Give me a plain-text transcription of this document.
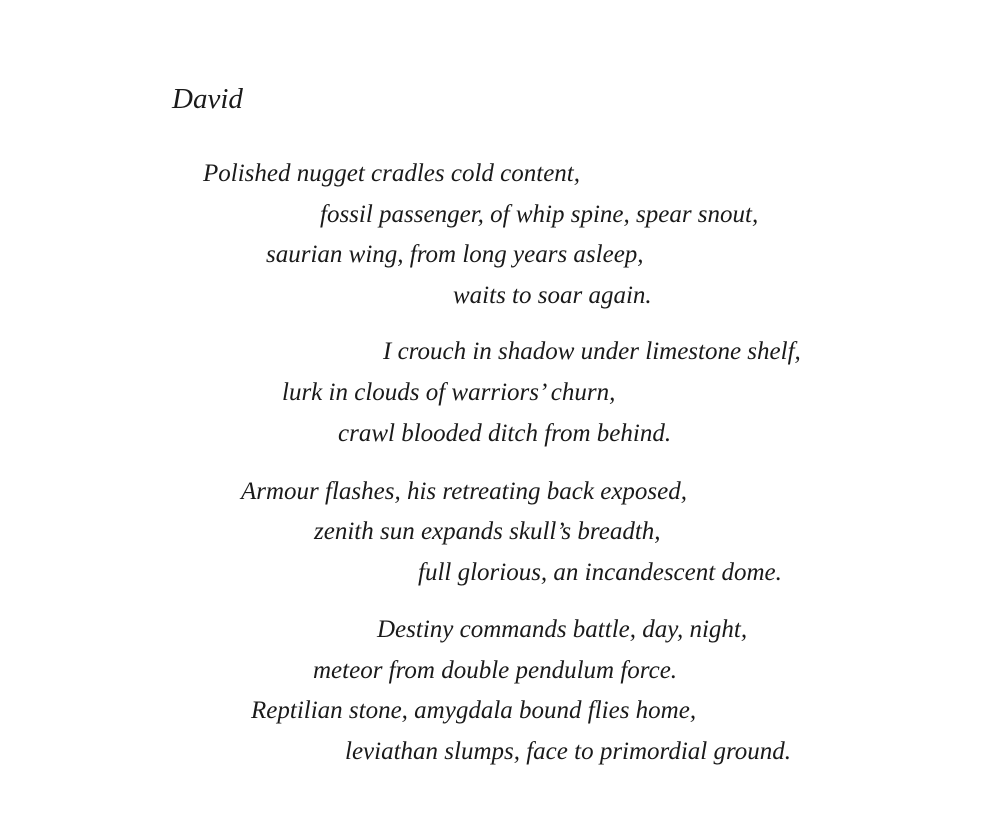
David
Polished nugget cradles cold content,
fossil passenger, of whip spine, spear snout,
saurian wing, from long years asleep,
waits to soar again.
I crouch in shadow under limestone shelf,
lurk in clouds of warriors’ churn,
crawl blooded ditch from behind.
Armour flashes, his retreating back exposed,
zenith sun expands skull’s breadth,
full glorious, an incandescent dome.
Destiny commands battle, day, night,
meteor from double pendulum force.
Reptilian stone, amygdala bound flies home,
leviathan slumps, face to primordial ground.
